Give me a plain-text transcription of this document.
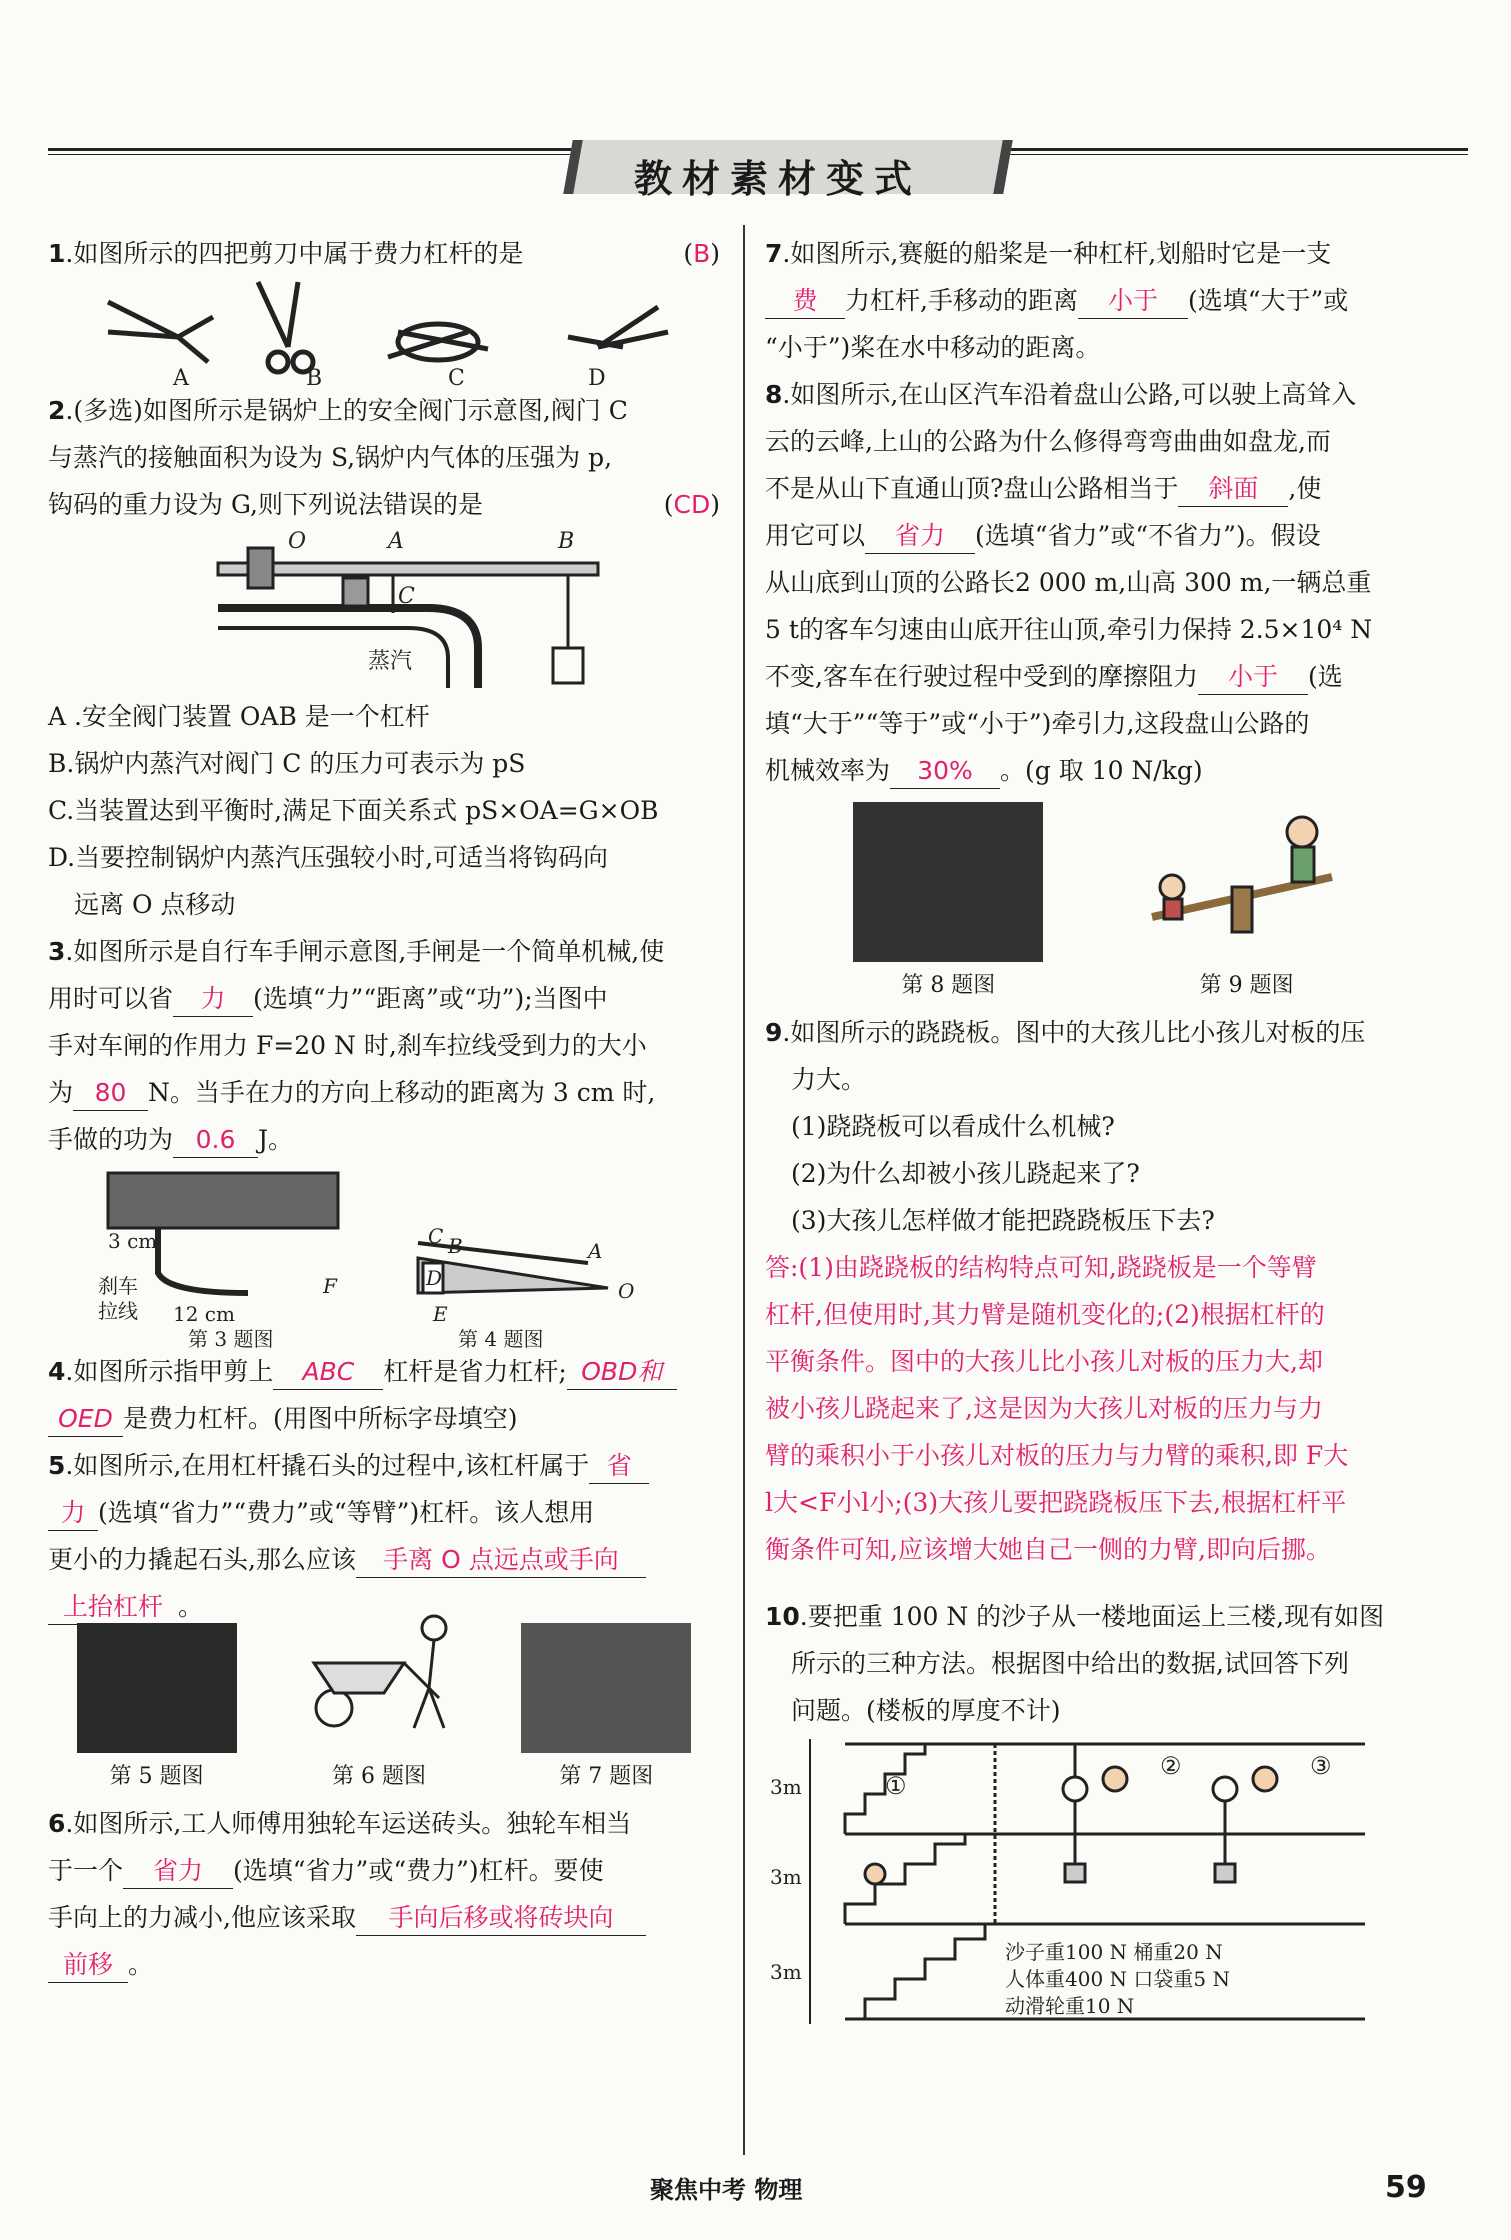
教材素材变式

1.如图所示的四把剪刀中属于费力杠杆的是	(B)

A	B	C	D

2.(多选)如图所示是锅炉上的安全阀门示意图,阀门 C
与蒸汽的接触面积为设为 S,锅炉内气体的压强为 p,
钩码的重力设为 G,则下列说法错误的是	(CD)

O	A	B
C
蒸汽

A .安全阀门装置 OAB 是一个杠杆
B.锅炉内蒸汽对阀门 C 的压力可表示为 pS
C.当装置达到平衡时,满足下面关系式 pS×OA=G×OB
D.当要控制锅炉内蒸汽压强较小时,可适当将钩码向
远离 O 点移动

3.如图所示是自行车手闸示意图,手闸是一个简单机械,使
用时可以省 力 (选填“力”“距离”或“功”);当图中
手对车闸的作用力 F=20 N 时,刹车拉线受到力的大小
为 80 N。当手在力的方向上移动的距离为 3 cm 时,
手做的功为 0.6 J。

3 cm
刹车
拉线 12 cm
F
C B	A
D
E
O
第 3 题图	第 4 题图

4.如图所示指甲剪上 ABC 杠杆是省力杠杆; OBD和
OED 是费力杠杆。(用图中所标字母填空)

5.如图所示,在用杠杆撬石头的过程中,该杠杆属于 省
力 (选填“省力”“费力”或“等臂”)杠杆。该人想用
更小的力撬起石头,那么应该 手离 O 点远点或手向
上抬杠杆 。

第 5 题图	第 6 题图	第 7 题图

6.如图所示,工人师傅用独轮车运送砖头。独轮车相当
于一个 省力 (选填“省力”或“费力”)杠杆。要使
手向上的力减小,他应该采取 手向后移或将砖块向
前移 。

7.如图所示,赛艇的船桨是一种杠杆,划船时它是一支
费 力杠杆,手移动的距离 小于 (选填“大于”或
“小于”)桨在水中移动的距离。

8.如图所示,在山区汽车沿着盘山公路,可以驶上高耸入
云的云峰,上山的公路为什么修得弯弯曲曲如盘龙,而
不是从山下直通山顶?盘山公路相当于 斜面 ,使
用它可以 省力 (选填“省力”或“不省力”)。假设
从山底到山顶的公路长2 000 m,山高 300 m,一辆总重
5 t的客车匀速由山底开往山顶,牵引力保持 2.5×10⁴ N
不变,客车在行驶过程中受到的摩擦阻力 小于 (选
填“大于”“等于”或“小于”)牵引力,这段盘山公路的
机械效率为 30% 。(g 取 10 N/kg)

第 8 题图	第 9 题图

9.如图所示的跷跷板。图中的大孩儿比小孩儿对板的压
力大。
(1)跷跷板可以看成什么机械?
(2)为什么却被小孩儿跷起来了?
(3)大孩儿怎样做才能把跷跷板压下去?
答:(1)由跷跷板的结构特点可知,跷跷板是一个等臂
杠杆,但使用时,其力臂是随机变化的;(2)根据杠杆的
平衡条件。图中的大孩儿比小孩儿对板的压力大,却
被小孩儿跷起来了,这是因为大孩儿对板的压力与力
臂的乘积小于小孩儿对板的压力与力臂的乘积,即 F大
l大<F小l小;(3)大孩儿要把跷跷板压下去,根据杠杆平
衡条件可知,应该增大她自己一侧的力臂,即向后挪。

10.要把重 100 N 的沙子从一楼地面运上三楼,现有如图
所示的三种方法。根据图中给出的数据,试回答下列
问题。(楼板的厚度不计)

3m
3m
3m
①
②	③
沙子重100 N 桶重20 N
人体重400 N 口袋重5 N
动滑轮重10 N
聚焦中考 物理	59
